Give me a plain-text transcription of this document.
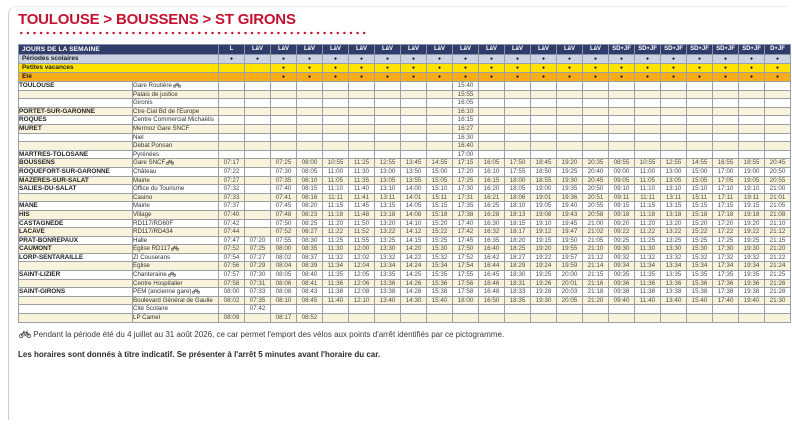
TOULOUSE > BOUSSENS > ST GIRONS
JOURS DE LA SEMAINE		L	LàV	LàV	LàV	LàV	LàV	LàV	LàV	LàV	LàV	LàV	LàV	LàV	LàV	LàV	SD+JF	SD+JF	SD+JF	SD+JF	SD+JF	SD+JF	D+JF
Périodes scolaires		●	●	●	●	●	●	●	●	●	●	●	●	●	●	●	●	●	●	●	●	●	●
Petites vacances				●	●	●	●	●	●	●	●	●	●	●	●	●	●	●	●	●	●	●	●
Été				●	●	●	●	●	●	●	●	●	●	●	●	●	●	●	●	●	●	●	●
TOULOUSE	Gare Routière										15:40												
	Palais de justice										15:55												
	Gironis										16:05												
PORTET-SUR-GARONNE	Ctre Cial Bd de l'Europe										16:10												
ROQUES	Centre Commercial Michaëlis										16:15												
MURET	Mermoz Gare SNCF										16:27												
	Niel										16:30												
	Debat Ponsan										16:40												
MARTRES-TOLOSANE	Pyrénées										17:00												
BOUSSENS	Gare SNCF	07:17		07:25	08:00	10:55	11:25	12:55	13:45	14:55	17:15	16:05	17:50	18:45	19:20	20:35	08:55	10:55	12:55	14:55	16:55	18:55	20:45
ROQUEFORT-SUR-GARONNE	Château	07:22		07:30	08:05	11:00	11:30	13:00	13:50	15:00	17:20	16:10	17:55	18:50	19:25	20:40	09:00	11:00	13:00	15:00	17:00	19:00	20:50
MAZÈRES-SUR-SALAT	Mairie	07:27		07:35	08:10	11:05	11:35	13:05	13:55	15:05	17:25	16:15	18:00	18:55	19:30	20:45	09:05	11:05	13:05	15:05	17:05	19:05	20:55
SALIES-DU-SALAT	Office du Tourisme	07:32		07:40	08:15	11:10	11:40	13:10	14:00	15:10	17:30	16:20	18:05	19:00	19:35	20:50	09:10	11:10	13:10	15:10	17:10	19:10	21:00
	Casino	07:33		07:41	08:16	11:11	11:41	13:11	14:01	15:11	17:31	16:21	18:06	19:01	19:36	20:51	09:11	11:11	13:11	15:11	17:11	19:11	21:01
MANE	Mairie	07:37		07:45	08:20	11:15	11:45	13:15	14:05	15:15	17:35	16:25	18:10	19:05	19:40	20:55	09:15	11:15	13:15	15:15	17:15	19:15	21:05
HIS	Village	07:40		07:48	08:23	11:18	11:48	13:18	14:08	15:18	17:38	16:28	18:13	19:08	19:43	20:58	09:18	11:18	13:18	15:18	17:18	19:18	21:08
CASTAGNÈDE	RD117/RD60F	07:42		07:50	08:25	11:20	11:50	13:20	14:10	15:20	17:40	16:30	18:15	19:10	19:45	21:00	09:20	11:20	13:20	15:20	17:20	19:20	21:10
LACAVE	RD117/RD434	07:44		07:52	08:27	11:22	11:52	13:22	14:12	15:22	17:42	16:32	18:17	19:12	19:47	21:02	09:22	11:22	13:22	15:22	17:22	19:22	21:12
PRAT-BONREPAUX	Halle	07:47	07:20	07:55	08:30	11:25	11:55	13:25	14:15	15:25	17:45	16:35	18:20	19:15	19:50	21:05	09:25	11:25	13:25	15:25	17:25	19:25	21:15
CAUMONT	Église RD117	07:52	07:25	08:00	08:35	11:30	12:00	13:30	14:20	15:30	17:50	16:40	18:25	19:20	19:55	21:10	09:30	11:30	13:30	15:30	17:30	19:30	21:20
LORP-SENTARAILLE	ZI Couserans	07:54	07:27	08:02	08:37	11:32	12:02	13:32	14:22	15:32	17:52	16:42	18:27	19:22	19:57	21:12	09:32	11:32	13:32	15:32	17:32	19:32	21:22
	Église	07:56	07:29	08:04	08:39	11:34	12:04	13:34	14:24	15:34	17:54	16:44	18:29	19:24	19:59	21:14	09:34	11:34	13:34	15:34	17:34	19:34	21:24
SAINT-LIZIER	Chanteraine	07:57	07:30	08:05	08:40	11:35	12:05	13:35	14:25	15:35	17:55	16:45	18:30	19:25	20:00	21:15	09:35	11:35	13:35	15:35	17:35	19:35	21:25
	Centre Hospitalier	07:58	07:31	08:06	08:41	11:36	12:06	13:36	14:26	15:36	17:56	16:46	18:31	19:26	20:01	21:16	09:36	11:36	13:36	15:36	17:36	19:36	21:26
SAINT-GIRONS	PEM (ancienne gare)	08:00	07:33	08:08	08:43	11:38	12:08	13:38	14:28	15:38	17:58	16:48	18:33	19:28	20:03	21:18	09:38	11:38	13:38	15:38	17:38	19:38	21:28
	Boulevard Général de Gaulle	08:02	07:35	08:10	08:45	11:40	12:10	13:40	14:30	15:40	18:00	16:50	18:35	19:30	20:05	21:20	09:40	11:40	13:40	15:40	17:40	19:40	21:30
	Cité Scolaire		07:42																				
	LP Camel	08:09		08:17	08:52																		

Pendant la période été du 4 juillet au 31 août 2026, ce car permet l'emport des vélos aux points d'arrêt identifiés par ce pictogramme.

Les horaires sont donnés à titre indicatif. Se présenter à l'arrêt 5 minutes avant l'horaire du car.
